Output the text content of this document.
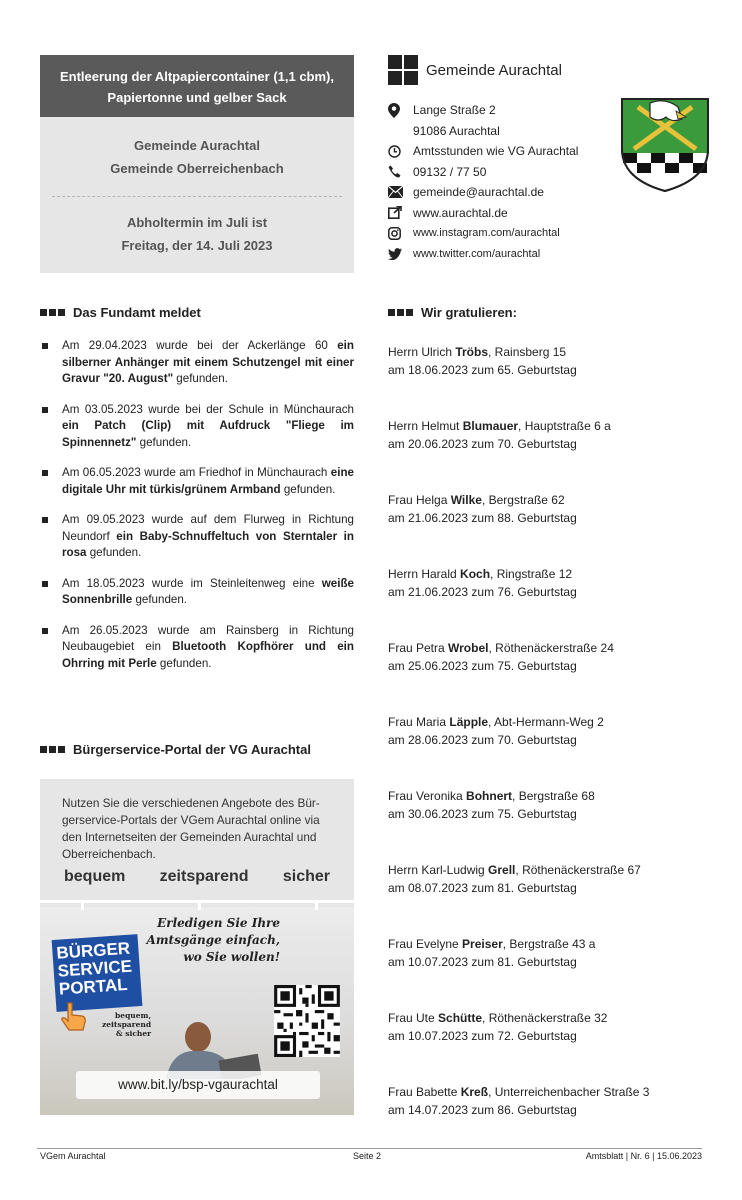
Entleerung der Altpapiercontainer (1,1 cbm),
Papiertonne und gelber Sack
Gemeinde Aurachtal
Gemeinde Oberreichenbach
Abholtermin im Juli ist
Freitag, der 14. Juli 2023
Das Fundamt meldet
Am 29.04.2023 wurde bei der Ackerlänge 60 ein silberner Anhänger mit einem Schutzengel mit einer Gravur "20. August" gefunden.
Am 03.05.2023 wurde bei der Schule in Münchaurach ein Patch (Clip) mit Aufdruck "Fliege im Spinnennetz" gefunden.
Am 06.05.2023 wurde am Friedhof in Münchaurach eine digitale Uhr mit türkis/grünem Armband gefunden.
Am 09.05.2023 wurde auf dem Flurweg in Richtung Neundorf ein Baby-Schnuffeltuch von Sterntaler in rosa gefunden.
Am 18.05.2023 wurde im Steinleitenweg eine weiße Sonnenbrille gefunden.
Am 26.05.2023 wurde am Rainsberg in Richtung Neubaugebiet ein Bluetooth Kopfhörer und ein Ohrring mit Perle gefunden.
Bürgerservice-Portal der VG Aurachtal
Nutzen Sie die verschiedenen Angebote des Bür-gerservice-Portals der VGem Aurachtal online via den Internetseiten der Gemeinden Aurachtal und Oberreichenbach.
bequem zeitsparend sicher
Erledigen Sie Ihre
Amtsgänge einfach,
wo Sie wollen!
BÜRGER
SERVICE
PORTAL
bequem,
zeitsparend
& sicher
www.bit.ly/bsp-vgaurachtal
Gemeinde Aurachtal
Lange Straße 2
91086 Aurachtal
Amtsstunden wie VG Aurachtal
09132 / 77 50
gemeinde@aurachtal.de
www.aurachtal.de
www.instagram.com/aurachtal
www.twitter.com/aurachtal
Wir gratulieren:
Herrn Ulrich Tröbs, Rainsberg 15
am 18.06.2023 zum 65. Geburtstag
Herrn Helmut Blumauer, Hauptstraße 6 a
am 20.06.2023 zum 70. Geburtstag
Frau Helga Wilke, Bergstraße 62
am 21.06.2023 zum 88. Geburtstag
Herrn Harald Koch, Ringstraße 12
am 21.06.2023 zum 76. Geburtstag
Frau Petra Wrobel, Röthenäckerstraße 24
am 25.06.2023 zum 75. Geburtstag
Frau Maria Läpple, Abt-Hermann-Weg 2
am 28.06.2023 zum 70. Geburtstag
Frau Veronika Bohnert, Bergstraße 68
am 30.06.2023 zum 75. Geburtstag
Herrn Karl-Ludwig Grell, Röthenäckerstraße 67
am 08.07.2023 zum 81. Geburtstag
Frau Evelyne Preiser, Bergstraße 43 a
am 10.07.2023 zum 81. Geburtstag
Frau Ute Schütte, Röthenäckerstraße 32
am 10.07.2023 zum 72. Geburtstag
Frau Babette Kreß, Unterreichenbacher Straße 3
am 14.07.2023 zum 86. Geburtstag
VGem Aurachtal	Seite 2	Amtsblatt | Nr. 6 | 15.06.2023
